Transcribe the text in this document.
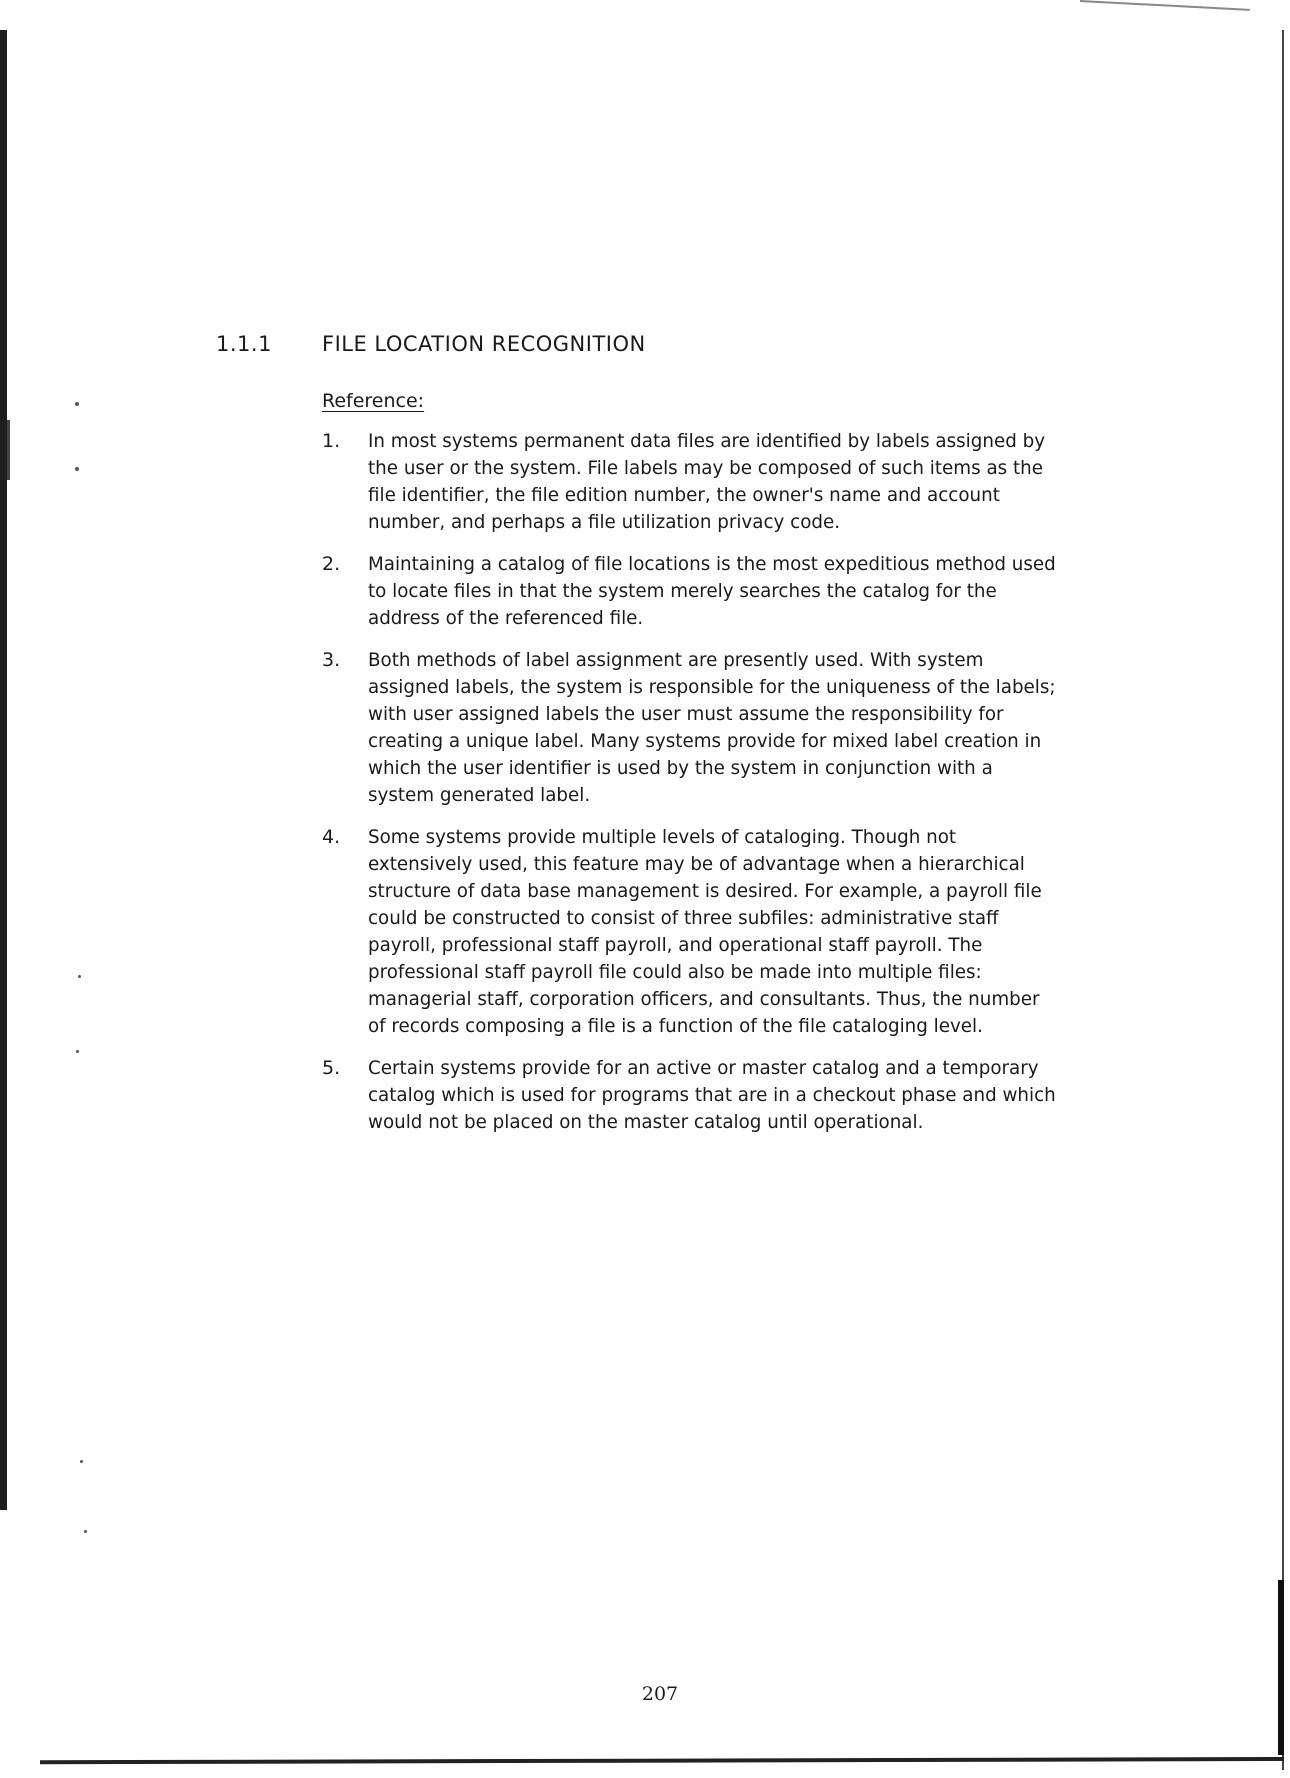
1.1.1 FILE LOCATION RECOGNITION
Reference:
1.	In most systems permanent data files are identified by labels assigned by the user or the system. File labels may be composed of such items as the file identifier, the file edition number, the owner's name and account number, and perhaps a file utilization privacy code.
2.	Maintaining a catalog of file locations is the most expeditious method used to locate files in that the system merely searches the catalog for the address of the referenced file.
3.	Both methods of label assignment are presently used. With system assigned labels, the system is responsible for the uniqueness of the labels; with user assigned labels the user must assume the responsibility for creating a unique label. Many systems provide for mixed label creation in which the user identifier is used by the system in conjunction with a system generated label.
4.	Some systems provide multiple levels of cataloging. Though not extensively used, this feature may be of advantage when a hierarchical structure of data base management is desired. For example, a payroll file could be constructed to consist of three subfiles: administrative staff payroll, professional staff payroll, and operational staff payroll. The professional staff payroll file could also be made into multiple files: managerial staff, corporation officers, and consultants. Thus, the number of records composing a file is a function of the file cataloging level.
5.	Certain systems provide for an active or master catalog and a temporary catalog which is used for programs that are in a checkout phase and which would not be placed on the master catalog until operational.
207
